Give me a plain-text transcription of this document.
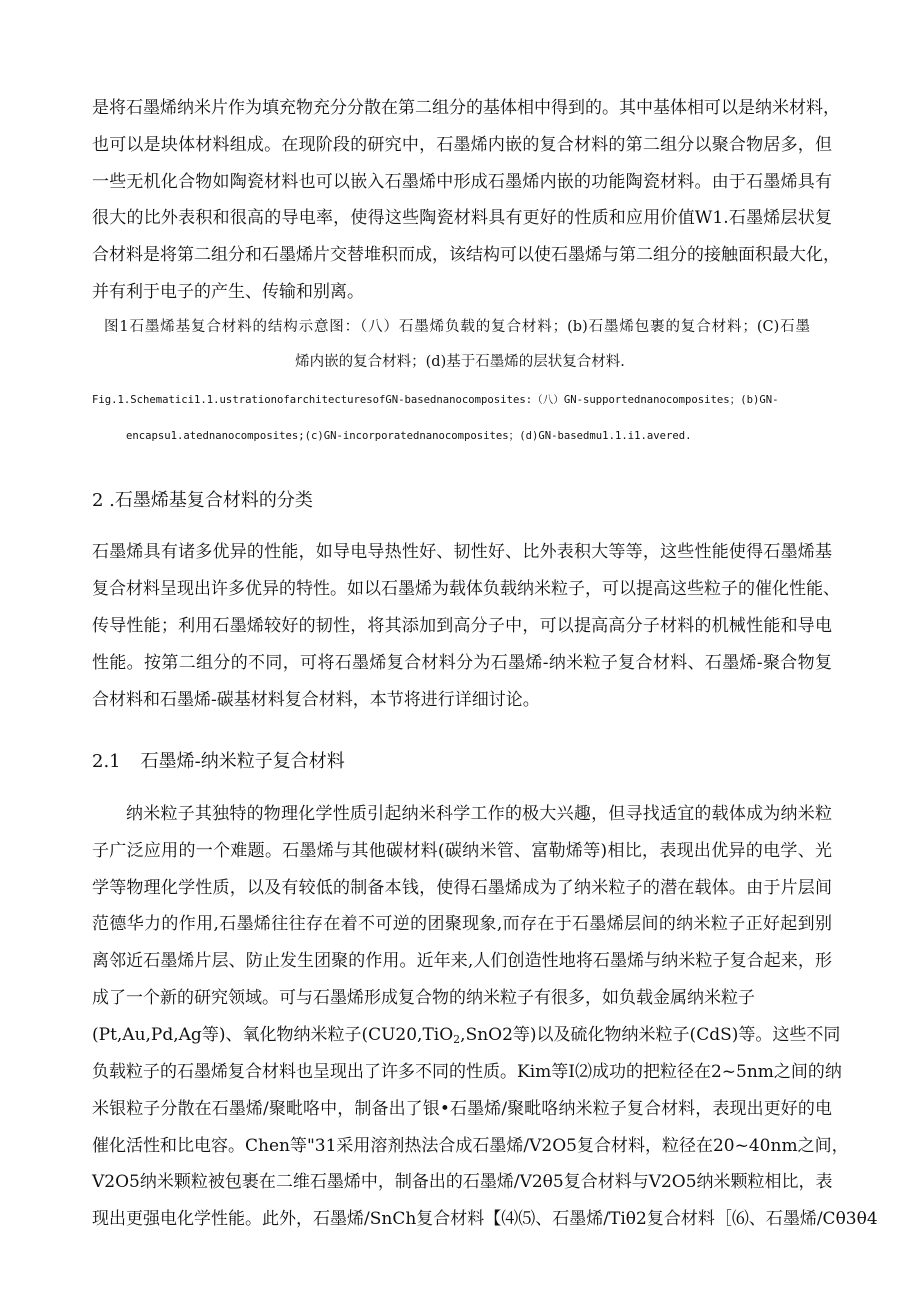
是将石墨烯纳米片作为填充物充分分散在第二组分的基体相中得到的。其中基体相可以是纳米材料，
也可以是块体材料组成。在现阶段的研究中，石墨烯内嵌的复合材料的第二组分以聚合物居多，但
一些无机化合物如陶瓷材料也可以嵌入石墨烯中形成石墨烯内嵌的功能陶瓷材料。由于石墨烯具有
很大的比外表积和很高的导电率，使得这些陶瓷材料具有更好的性质和应用价值W1.石墨烯层状复
合材料是将第二组分和石墨烯片交替堆积而成，该结构可以使石墨烯与第二组分的接触面积最大化，
并有利于电子的产生、传输和别离。
图1石墨烯基复合材料的结构示意图：（八）石墨烯负载的复合材料；(b)石墨烯包裹的复合材料；(C)石墨
烯内嵌的复合材料；(d)基于石墨烯的层状复合材料.
Fig.1.Schematici1.1.ustrationofarchitecturesofGN-basednanocomposites:（八）GN-supportednanocomposites；(b)GN-
encapsu1.atednanocomposites;(c)GN-incorporatednanocomposites；(d)GN-basedmu1.1.i1.avered.
2 .石墨烯基复合材料的分类
石墨烯具有诸多优异的性能，如导电导热性好、韧性好、比外表积大等等，这些性能使得石墨烯基
复合材料呈现出许多优异的特性。如以石墨烯为载体负载纳米粒子，可以提高这些粒子的催化性能、
传导性能；利用石墨烯较好的韧性，将其添加到高分子中，可以提高高分子材料的机械性能和导电
性能。按第二组分的不同，可将石墨烯复合材料分为石墨烯-纳米粒子复合材料、石墨烯-聚合物复
合材料和石墨烯-碳基材料复合材料，本节将进行详细讨论。
2.1 石墨烯-纳米粒子复合材料
纳米粒子其独特的物理化学性质引起纳米科学工作的极大兴趣，但寻找适宜的载体成为纳米粒
子广泛应用的一个难题。石墨烯与其他碳材料(碳纳米管、富勒烯等)相比，表现出优异的电学、光
学等物理化学性质，以及有较低的制备本钱，使得石墨烯成为了纳米粒子的潜在载体。由于片层间
范德华力的作用,石墨烯往往存在着不可逆的团聚现象,而存在于石墨烯层间的纳米粒子正好起到别
离邻近石墨烯片层、防止发生团聚的作用。近年来,人们创造性地将石墨烯与纳米粒子复合起来，形
成了一个新的研究领域。可与石墨烯形成复合物的纳米粒子有很多，如负载金属纳米粒子
(Pt,Au,Pd,Ag等)、氧化物纳米粒子(CU20,TiO$_2$,SnO2等)以及硫化物纳米粒子(CdS)等。这些不同
负载粒子的石墨烯复合材料也呈现出了许多不同的性质。Kim等I⑵成功的把粒径在2~5nm之间的纳
米银粒子分散在石墨烯/聚毗咯中，制备出了银•石墨烯/聚毗咯纳米粒子复合材料，表现出更好的电
催化活性和比电容。Chen等"31采用溶剂热法合成石墨烯/V2O5复合材料，粒径在20~40nm之间，
V2O5纳米颗粒被包裹在二维石墨烯中，制备出的石墨烯/V2θ5复合材料与V2O5纳米颗粒相比，表
现出更强电化学性能。此外，石墨烯/SnCh复合材料【⑷⑸、石墨烯/Tiθ2复合材料［⑹、石墨烯/Cθ3θ4
